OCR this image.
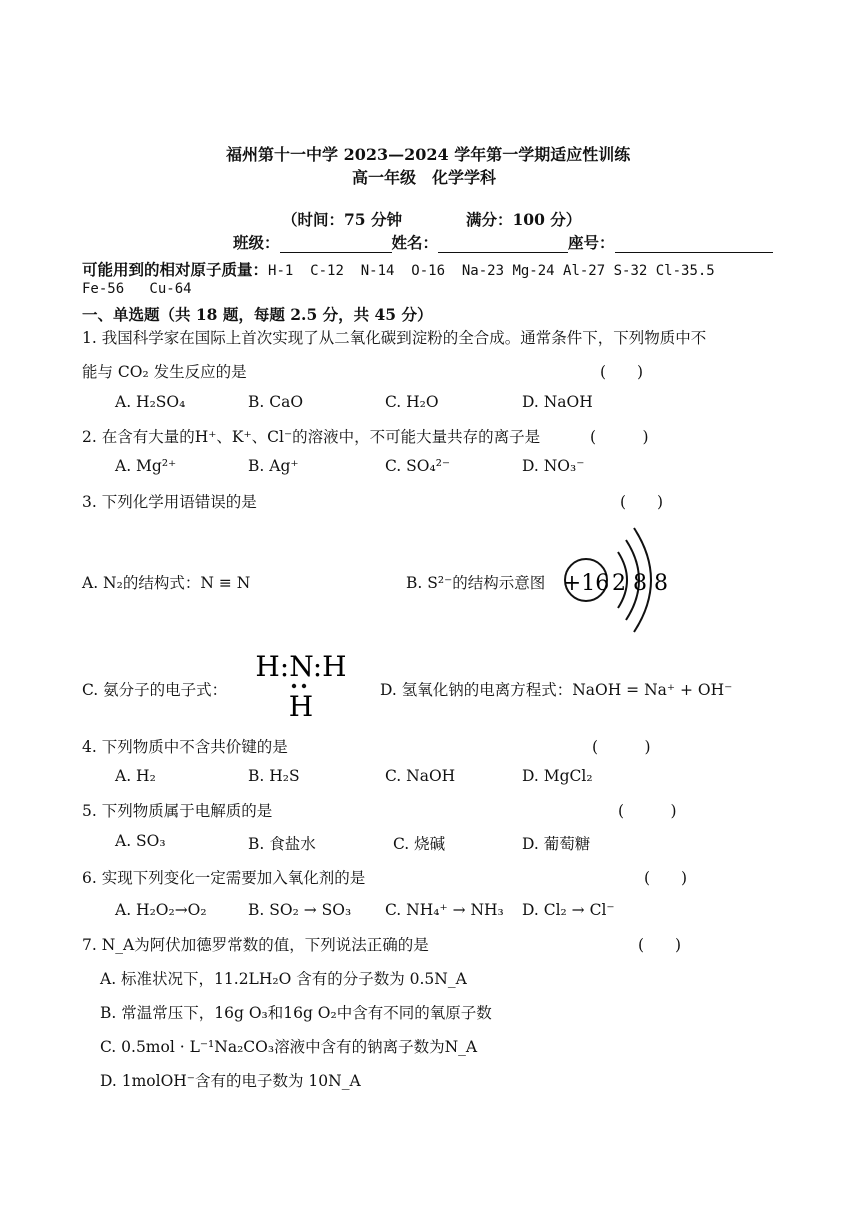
福州第十一中学 2023—2024 学年第一学期适应性训练
高一年级　化学学科
（时间：75 分钟	满分：100 分）
班级：	姓名：	座号：
可能用到的相对原子质量：H-1  C-12  N-14  O-16  Na-23 Mg-24 Al-27 S-32 Cl-35.5
Fe-56   Cu-64
一、单选题（共 18 题，每题 2.5 分，共 45 分）
1. 我国科学家在国际上首次实现了从二氧化碳到淀粉的全合成。通常条件下，下列物质中不
能与 CO₂ 发生反应的是	(　　)
A. H₂SO₄	B. CaO	C. H₂O	D. NaOH
2. 在含有大量的H⁺、K⁺、Cl⁻的溶液中，不可能大量共存的离子是	(　　　)
A. Mg²⁺	B. Ag⁺	C. SO₄²⁻	D. NO₃⁻
3. 下列化学用语错误的是	(　　)
A. N₂的结构式：N ≡ N	B. S²⁻的结构示意图 +16 2 8 8
C. 氨分子的电子式：
H:N:H
H	D. 氢氧化钠的电离方程式：NaOH = Na⁺ + OH⁻
4. 下列物质中不含共价键的是	(　　　)
A. H₂	B. H₂S	C. NaOH	D. MgCl₂
5. 下列物质属于电解质的是	(　　　)
A. SO₃	B. 食盐水	C. 烧碱	D. 葡萄糖
6. 实现下列变化一定需要加入氧化剂的是	(　　)
A. H₂O₂→O₂	B. SO₂ → SO₃ C. NH₄⁺ → NH₃ D. Cl₂ → Cl⁻
7. N_A为阿伏加德罗常数的值，下列说法正确的是	(　　)
A. 标准状况下，11.2LH₂O 含有的分子数为 0.5N_A
B. 常温常压下，16g O₃和16g O₂中含有不同的氧原子数
C. 0.5mol · L⁻¹Na₂CO₃溶液中含有的钠离子数为N_A
D. 1molOH⁻含有的电子数为 10N_A
